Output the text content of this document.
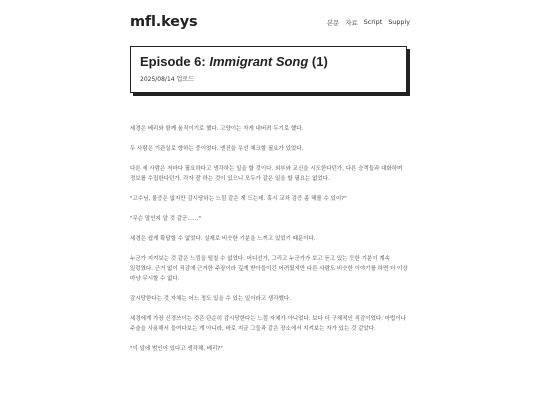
mfl.keys	본문 자료 Script Supply
Episode 6: Immigrant Song (1)
2025/08/14 업로드

세경은 베리와 함께 움직이기로 했다. 고양이는 자게 내버려 두기로 했다.

두 사람은 기관실로 향하는 중이었다. 엔진을 우선 체크할 필요가 있었다.

다른 세 사람은 저마다 필요하다고 생각하는 일을 할 것이다. 외부와 교신을 시도한다던가, 다른 승객들과 대화하며 정보를 수집한다던가. 각자 잘 하는 것이 있으니 모두가 같은 일을 할 필요는 없었다.

"고수님, 물증은 없지만 감시당하는 느낌 같은 게 드는데. 혹시 교차 검증 좀 해볼 수 있어?"

"무슨 말인지 알 것 같군……"

세경은 쉽게 확답할 수 없었다. 실제로 비슷한 기분을 느끼고 있었기 때문이다.

누군가 지켜보는 것 같은 느낌을 떨칠 수 없었다. 어디선가, 그리고 누군가가 보고 듣고 있는 듯한 기분이 계속 일렁였다. 근거 없이 직감에 근거한 주장이라 깊게 받아들이긴 어려웠지만 다른 사람도 비슷한 이야기를 하면 더 이상 마냥 무시할 수 없다.

감시당한다는 것 자체는 어느 정도 있을 수 있는 일이라고 생각했다.

세경에게 가장 신경쓰이는 것은 단순히 감시당한다는 느낌 자체가 아니었다. 보다 더 구체적인 직감이었다. 마법이나 주술을 사용해서 들여다보는 게 아니라, 바로 지금 그들과 같은 장소에서 지켜보는 자가 있는 것 같았다.

"이 일에 범인이 있다고 생각해, 베리?"
